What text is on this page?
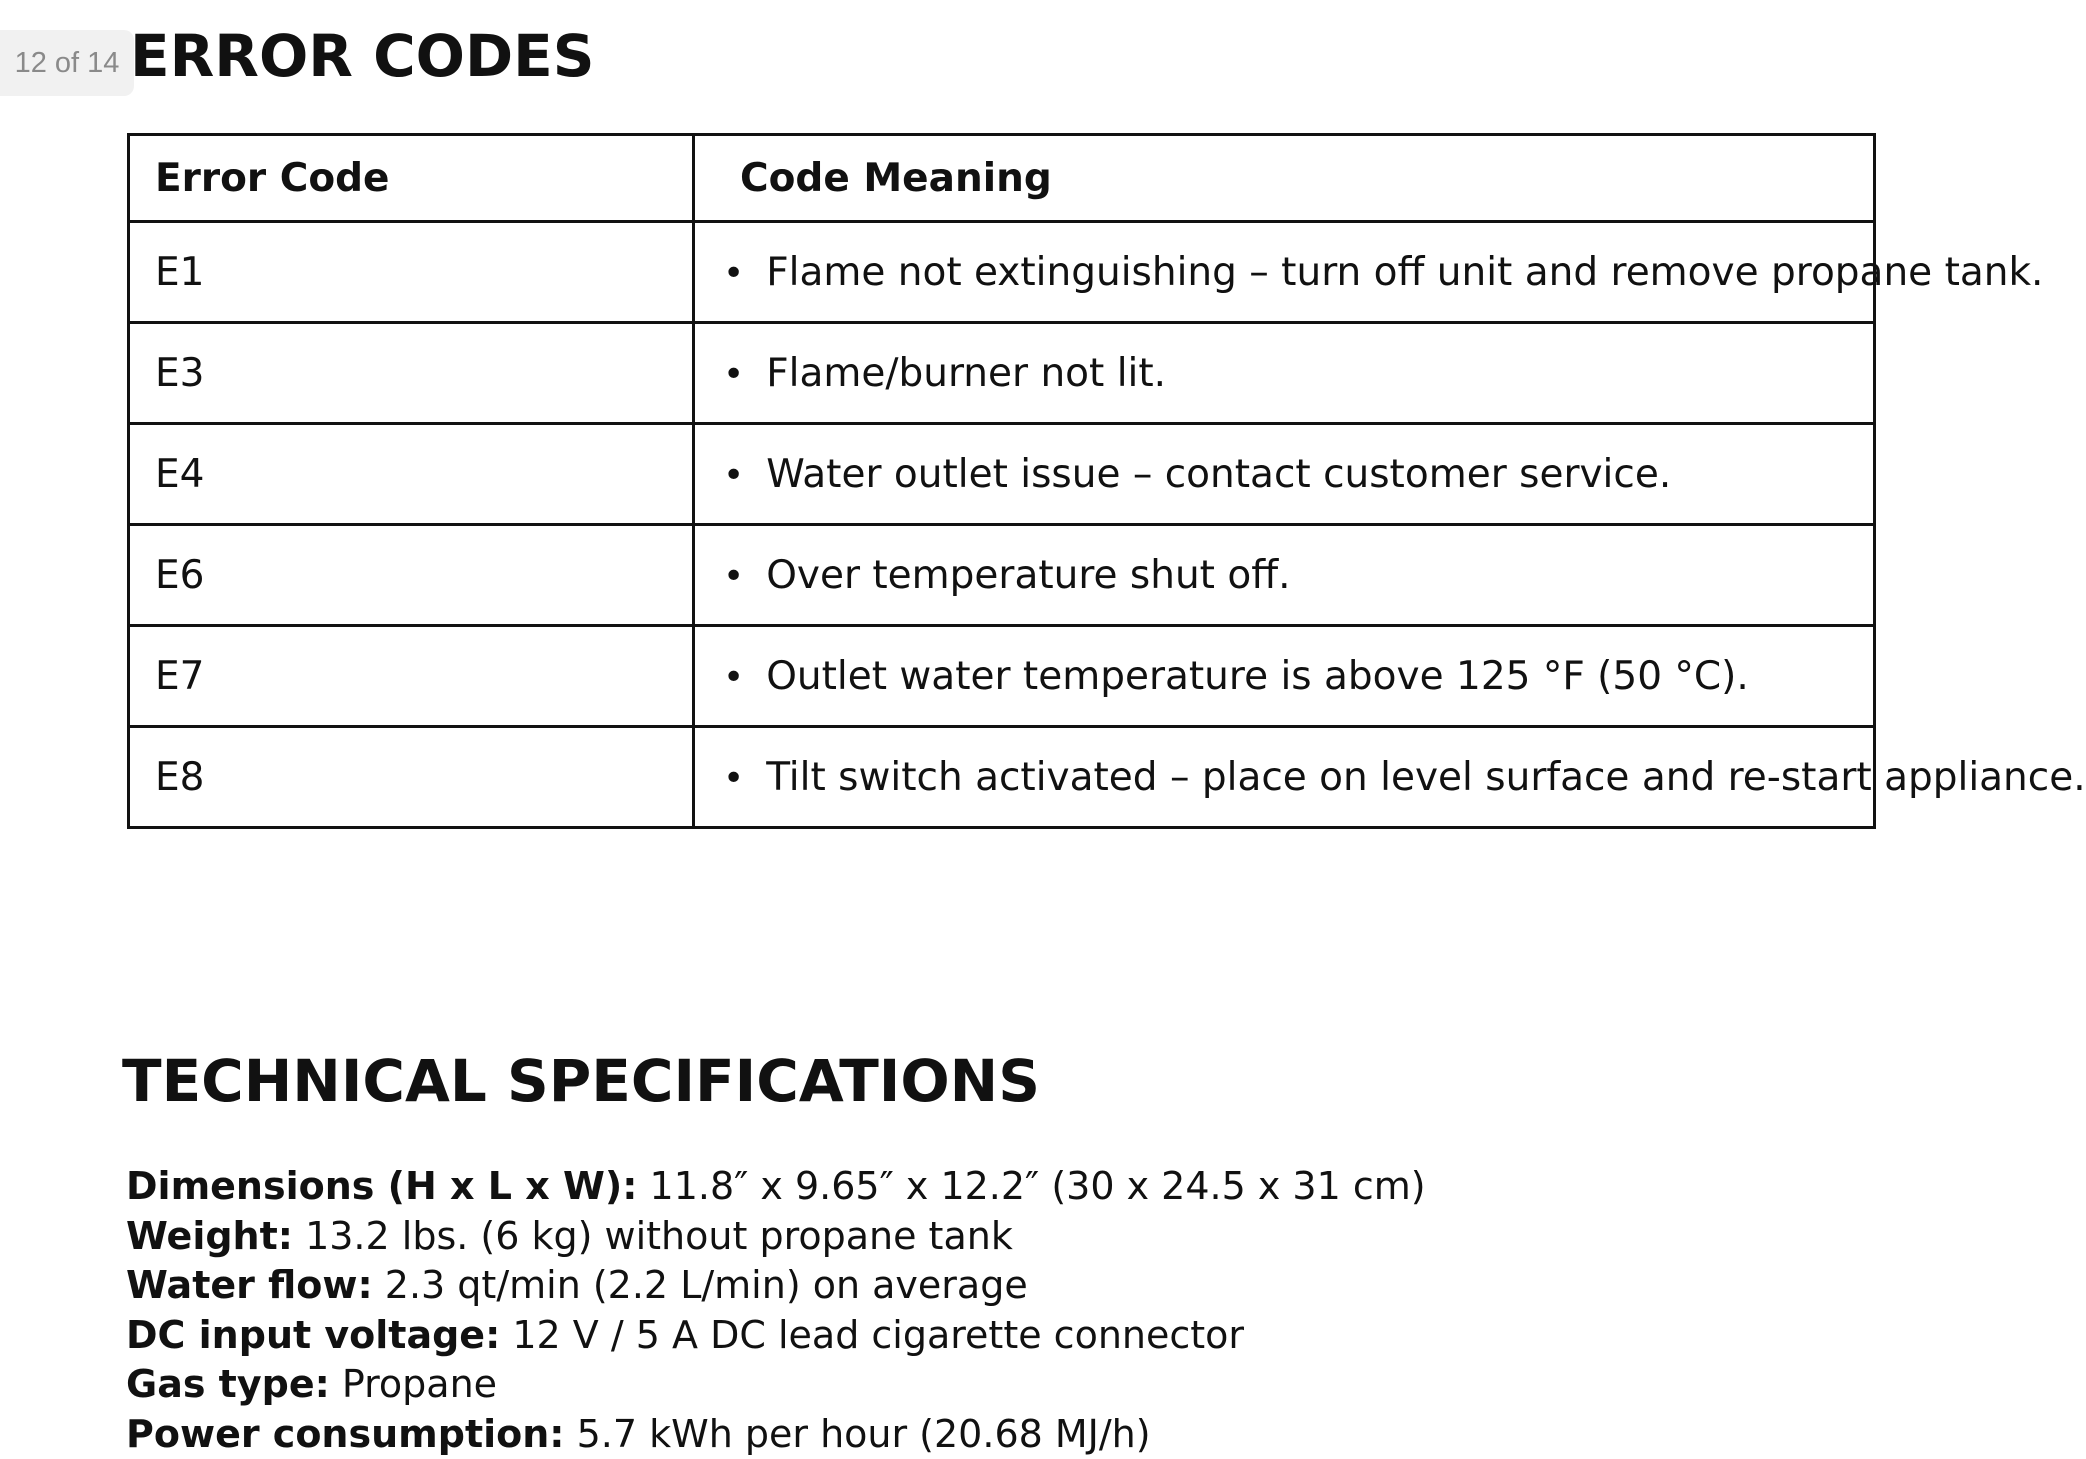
12 of 14 ERROR CODES
Error Code	Code Meaning
E1	• Flame not extinguishing – turn off unit and remove propane tank.
E3	• Flame/burner not lit.
E4	• Water outlet issue – contact customer service.
E6	• Over temperature shut off.
E7	• Outlet water temperature is above 125 °F (50 °C).
E8	• Tilt switch activated – place on level surface and re-start appliance.
TECHNICAL SPECIFICATIONS
Dimensions (H x L x W): 11.8″ x 9.65″ x 12.2″ (30 x 24.5 x 31 cm)
Weight: 13.2 lbs. (6 kg) without propane tank
Water flow: 2.3 qt/min (2.2 L/min) on average
DC input voltage: 12 V / 5 A DC lead cigarette connector
Gas type: Propane
Power consumption: 5.7 kWh per hour (20.68 MJ/h)
